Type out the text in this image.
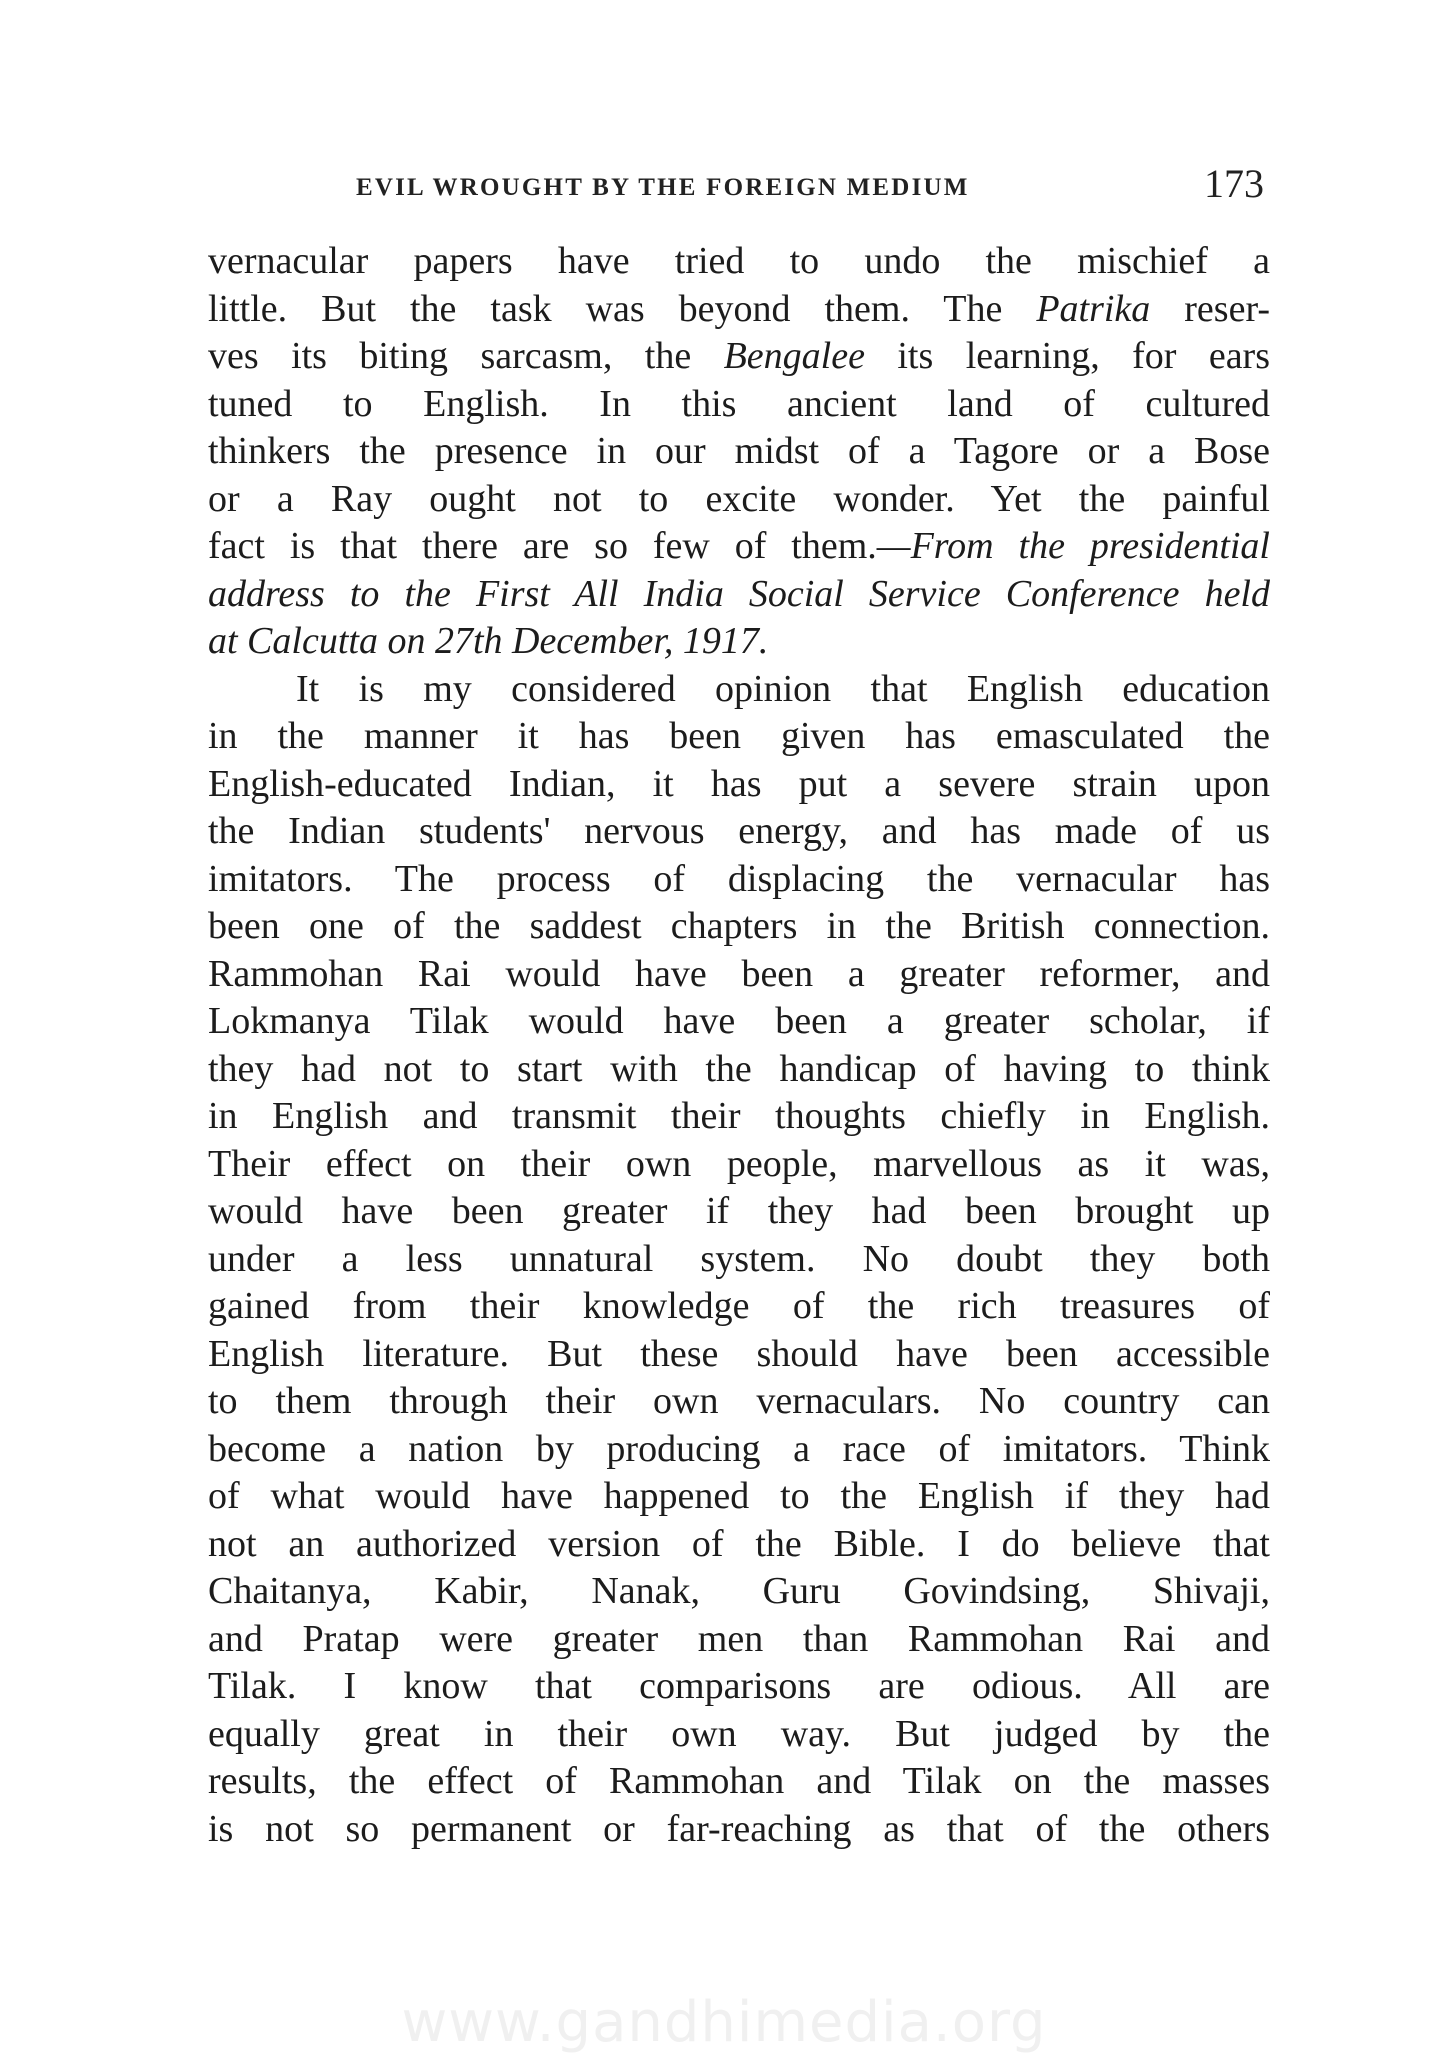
EVIL WROUGHT BY THE FOREIGN MEDIUM	173
vernacular papers have tried to undo the mischief a
little. But the task was beyond them. The Patrika reser-
ves its biting sarcasm, the Bengalee its learning, for ears
tuned to English. In this ancient land of cultured
thinkers the presence in our midst of a Tagore or a Bose
or a Ray ought not to excite wonder. Yet the painful
fact is that there are so few of them.—From the presidential
address to the First All India Social Service Conference held
at Calcutta on 27th December, 1917.
It is my considered opinion that English education
in the manner it has been given has emasculated the
English-educated Indian, it has put a severe strain upon
the Indian students' nervous energy, and has made of us
imitators. The process of displacing the vernacular has
been one of the saddest chapters in the British connection.
Rammohan Rai would have been a greater reformer, and
Lokmanya Tilak would have been a greater scholar, if
they had not to start with the handicap of having to think
in English and transmit their thoughts chiefly in English.
Their effect on their own people, marvellous as it was,
would have been greater if they had been brought up
under a less unnatural system. No doubt they both
gained from their knowledge of the rich treasures of
English literature. But these should have been accessible
to them through their own vernaculars. No country can
become a nation by producing a race of imitators. Think
of what would have happened to the English if they had
not an authorized version of the Bible. I do believe that
Chaitanya, Kabir, Nanak, Guru Govindsing, Shivaji,
and Pratap were greater men than Rammohan Rai and
Tilak. I know that comparisons are odious. All are
equally great in their own way. But judged by the
results, the effect of Rammohan and Tilak on the masses
is not so permanent or far-reaching as that of the others
www.gandhimedia.org
